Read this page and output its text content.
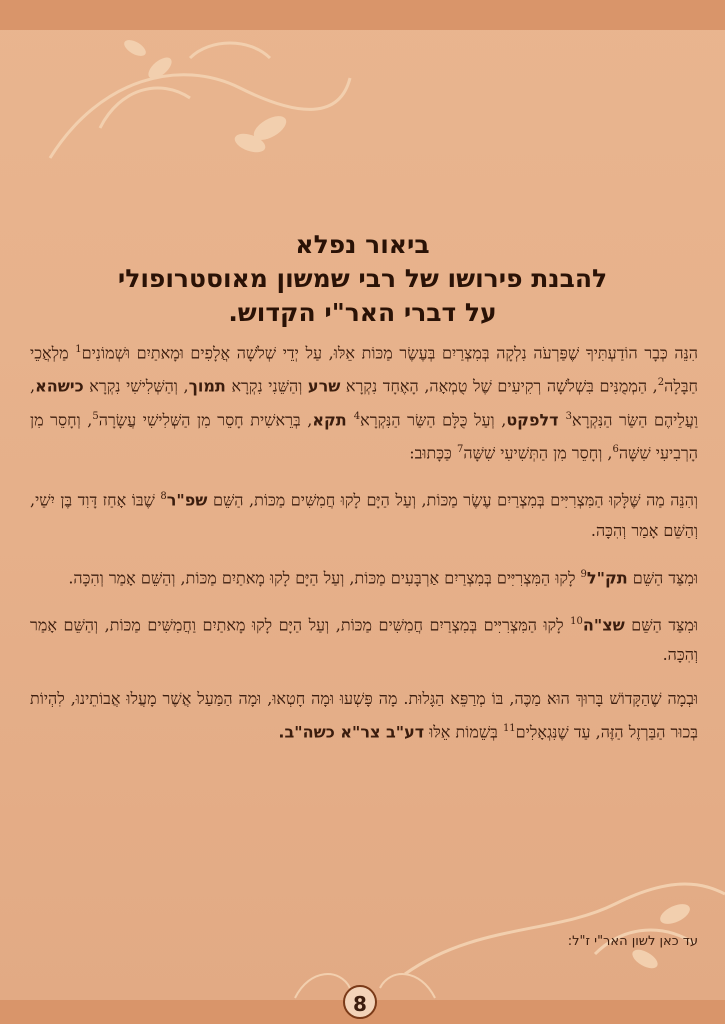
ביאור נפלא
להבנת פירושו של רבי שמשון מאוסטרופולי
על דברי האר"י הקדוש.

הִנֵּה כְּבָר הוֹדַעְתִּיךָ שֶׁפַּרְעֹה נִלְקָה בְּמִצְרַיִם בְּעֶשֶׂר מַכּוֹת אֵלּוּ, עַל יְדֵי שְׁלֹשָׁה אֲלָפִים וּמָאתַיִם וּשְׁמוֹנִים$^1$ מַלְאֲכֵי חַבָּלָה$^2$, הַמְמֻנִּים בִּשְׁלֹשָׁה רְקִיעִים שֶׁל טֻמְאָה, הָאֶחָד נִקְרָא שרע וְהַשֵּׁנִי נִקְרָא תמוך, וְהַשְּׁלִישִׁי נִקְרָא כישהא, וַעֲלֵיהֶם הַשַּׂר הַנִּקְרָא$^3$ דלפקט, וְעַל כֻּלָּם הַשַּׂר הַנִּקְרָא$^4$ תקא, בְּרֵאשִׁית חָסֵר מִן הַשְּׁלִישִׁי עֲשָׂרָה$^5$, וְחָסֵר מִן הָרְבִיעִי שִׁשָּׁה$^6$, וְחָסֵר מִן הַתְּשִׁיעִי שִׁשָּׁה$^7$ כַּכָּתוּב:

וְהִנֵּה מַה שֶּׁלָּקוּ הַמִּצְרִיִּים בְּמִצְרַיִם עֶשֶׂר מַכּוֹת, וְעַל הַיָּם לָקוּ חֲמִשִּׁים מַכּוֹת, הַשֵּׁם שפ"ר$^8$ שֶׁבּוֹ אָחַז דָּוִד בֶּן יִשַׁי, וְהַשֵּׁם אָמַר וְהִכָּה.

וּמִצַּד הַשֵּׁם תק"ל$^9$ לָקוּ הַמִּצְרִיִּים בְּמִצְרַיִם אַרְבָּעִים מַכּוֹת, וְעַל הַיָּם לָקוּ מָאתַיִם מַכּוֹת, וְהַשֵּׁם אָמַר וְהִכָּה.

וּמִצַּד הַשֵּׁם שצ"ה$^{10}$ לָקוּ הַמִּצְרִיִּים בְּמִצְרַיִם חֲמִשִּׁים מַכּוֹת, וְעַל הַיָּם לָקוּ מָאתַיִם וַחֲמִשִּׁים מַכּוֹת, וְהַשֵּׁם אָמַר וְהִכָּה.

וּבְמָה שֶׁהַקָּדוֹשׁ בָּרוּךְ הוּא מַכֶּה, בּוֹ מְרַפֵּא הַגָּלוּת. מָה פָּשְׁעוּ וּמָה חָטְאוּ, וּמָה הַמַּעַל אֲשֶׁר מָעֲלוּ אֲבוֹתֵינוּ, לִהְיוֹת בְּכוּר הַבַּרְזֶל הַזֶּה, עַד שֶׁנִּגְאָלִים$^{11}$ בְּשֵׁמוֹת אֵלּוּ דע"ב צר"א כשה"ב.

עד כאן לשון האר"י ז"ל:
8
